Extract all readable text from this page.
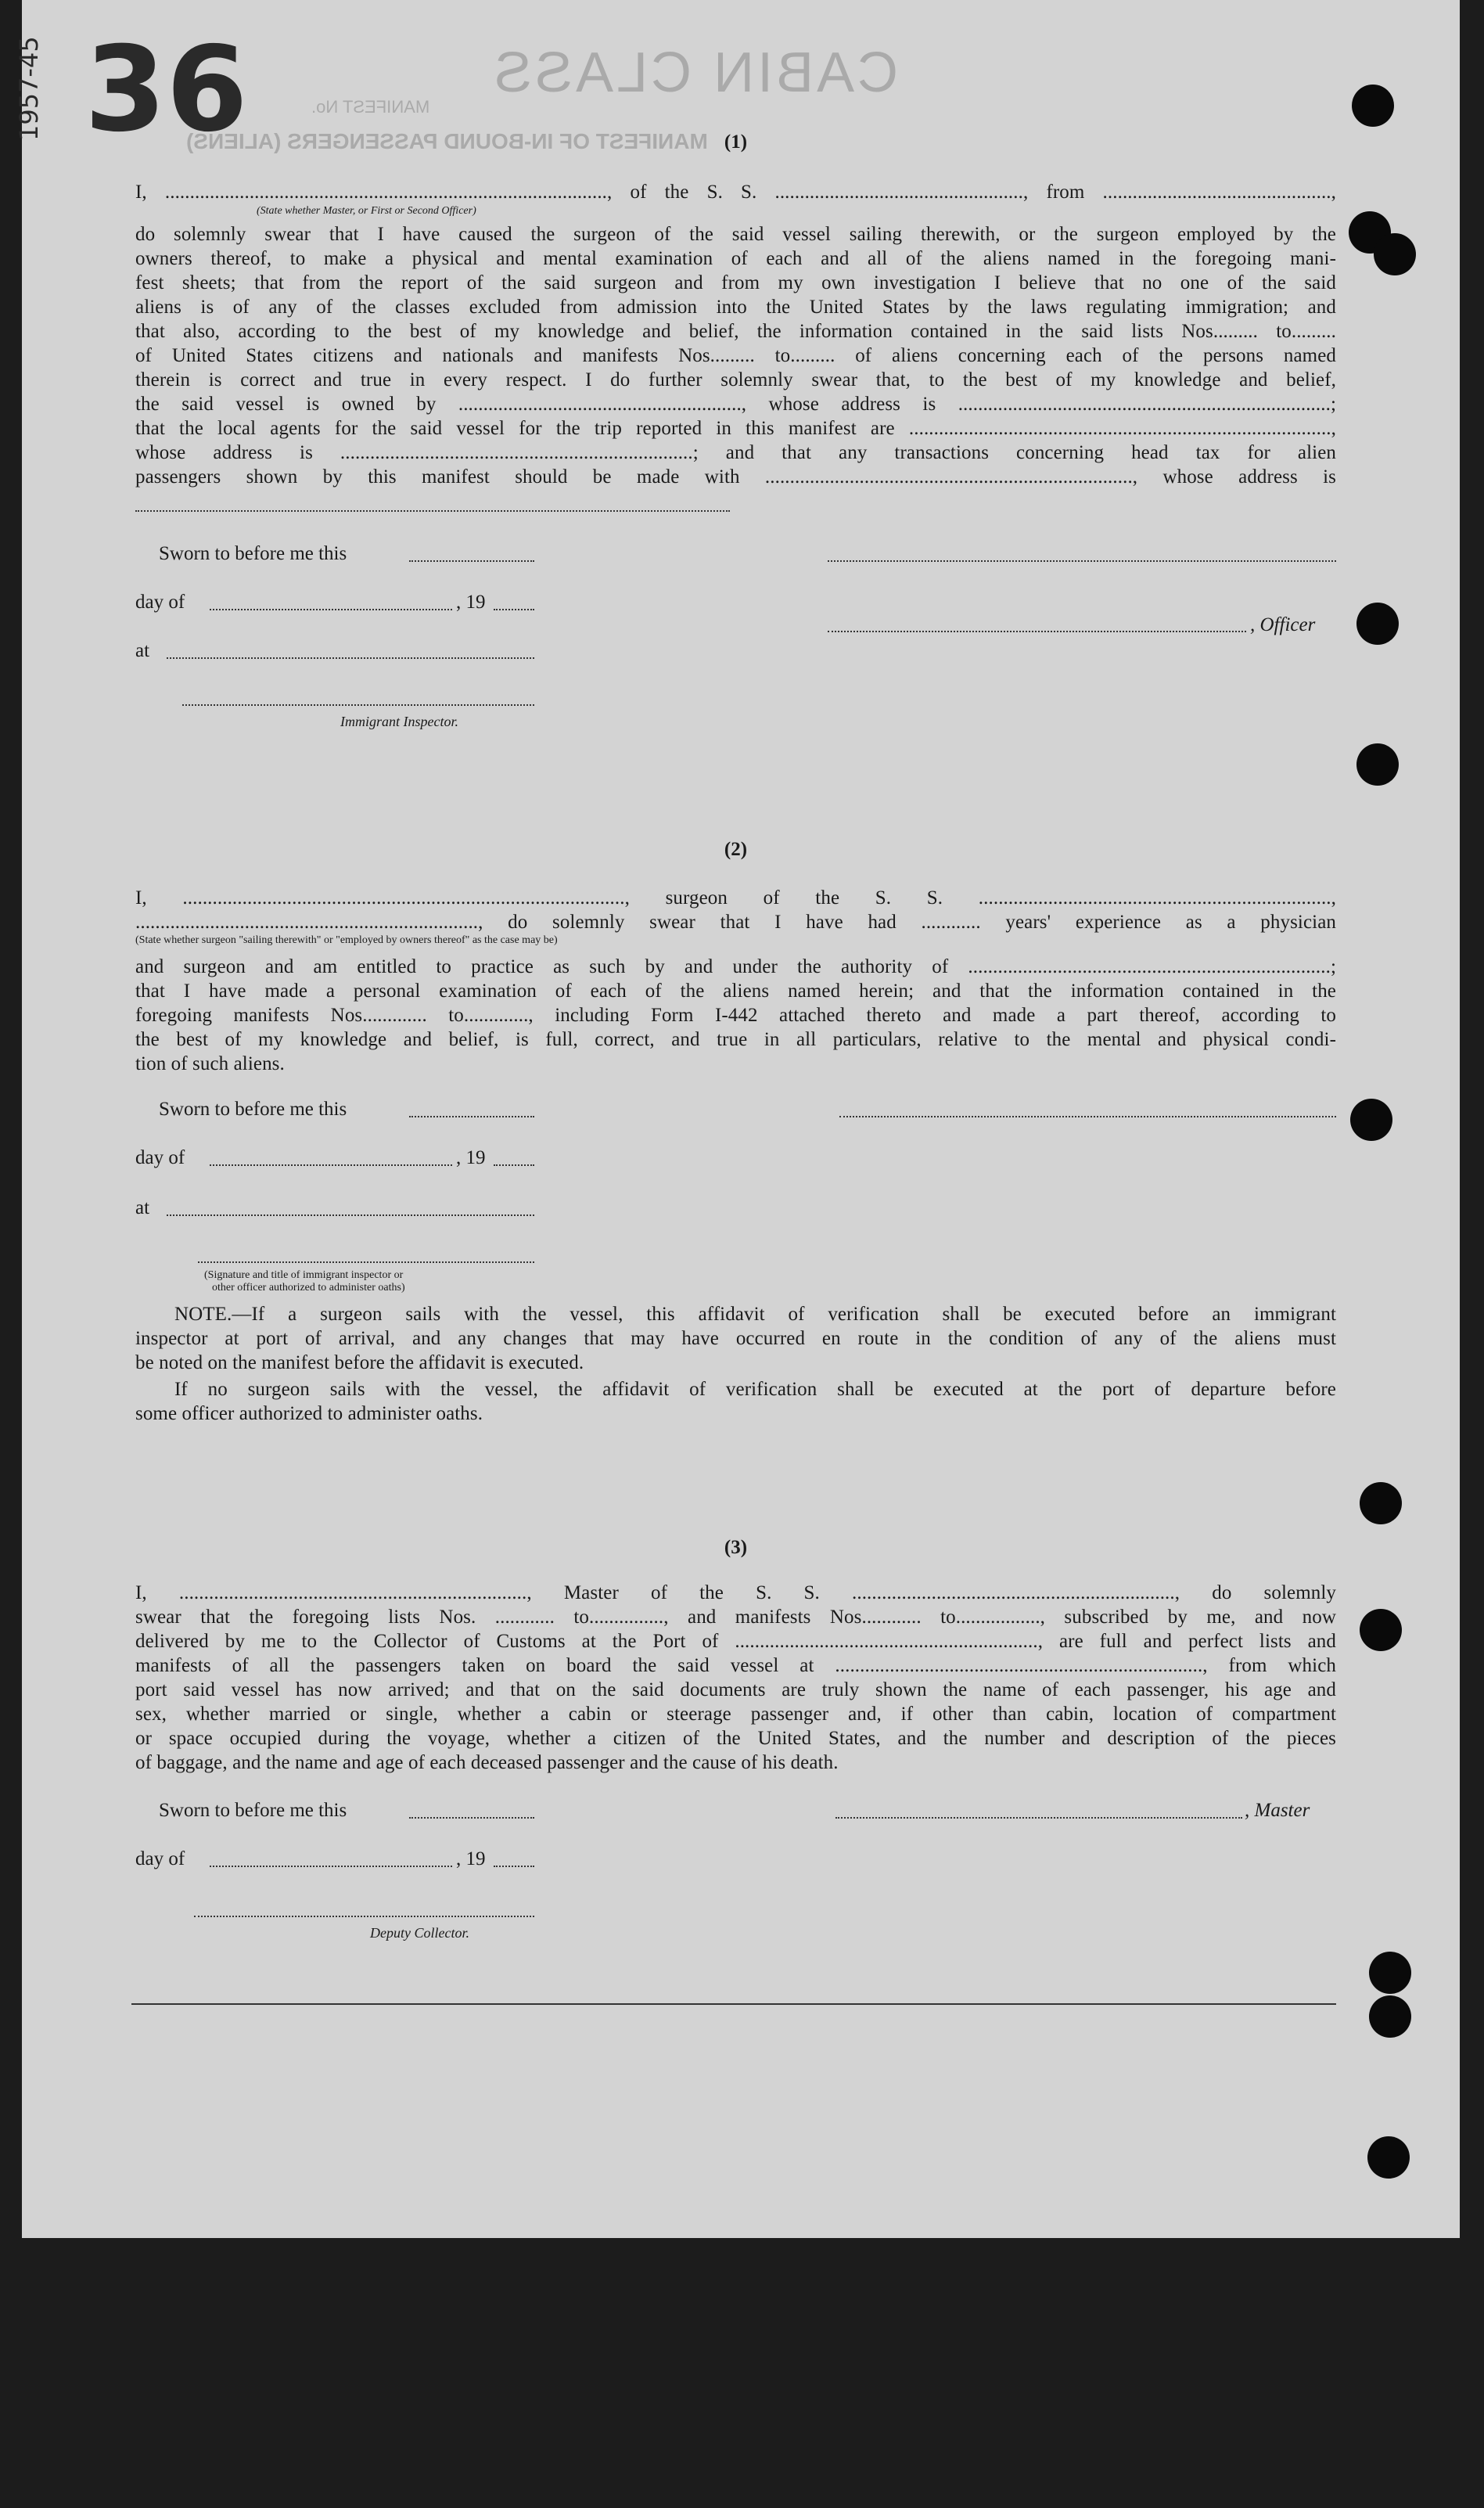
CABIN CLASS
MANIFEST No.
MANIFEST OF IN-BOUND PASSENGERS (ALIENS)
36
1957-45
(1)
I, ........................................................................................., of the S. S. .................................................., from ..............................................,
(State whether Master, or First or Second Officer)
do solemnly swear that I have caused the surgeon of the said vessel sailing therewith, or the surgeon employed by the
owners thereof, to make a physical and mental examination of each and all of the aliens named in the foregoing mani-
fest sheets; that from the report of the said surgeon and from my own investigation I believe that no one of the said
aliens is of any of the classes excluded from admission into the United States by the laws regulating immigration; and
that also, according to the best of my knowledge and belief, the information contained in the said lists Nos......... to.........
of United States citizens and nationals and manifests Nos......... to......... of aliens concerning each of the persons named
therein is correct and true in every respect. I do further solemnly swear that, to the best of my knowledge and belief,
the said vessel is owned by ........................................................., whose address is ...........................................................................;
that the local agents for the said vessel for the trip reported in this manifest are .....................................................................................,
whose address is .......................................................................; and that any transactions concerning head tax for alien
passengers shown by this manifest should be made with .........................................................................., whose address is
Sworn to before me this
day of	, 19
, Officer
at
Immigrant Inspector.
(2)
I, ........................................................................................., surgeon of the S. S. .......................................................................,
....................................................................., do solemnly swear that I have had ............ years' experience as a physician
(State whether surgeon "sailing therewith" or "employed by owners thereof" as the case may be)
and surgeon and am entitled to practice as such by and under the authority of .........................................................................;
that I have made a personal examination of each of the aliens named herein; and that the information contained in the
foregoing manifests Nos............. to............., including Form I-442 attached thereto and made a part thereof, according to
the best of my knowledge and belief, is full, correct, and true in all particulars, relative to the mental and physical condi-
tion of such aliens.
Sworn to before me this
day of	, 19
at
(Signature and title of immigrant inspector or
other officer authorized to administer oaths)
NOTE.—If a surgeon sails with the vessel, this affidavit of verification shall be executed before an immigrant
inspector at port of arrival, and any changes that may have occurred en route in the condition of any of the aliens must
be noted on the manifest before the affidavit is executed.
If no surgeon sails with the vessel, the affidavit of verification shall be executed at the port of departure before
some officer authorized to administer oaths.
(3)
I, ......................................................................, Master of the S. S. ................................................................., do solemnly
swear that the foregoing lists Nos. ............ to..............., and manifests Nos............ to................., subscribed by me, and now
delivered by me to the Collector of Customs at the Port of ............................................................., are full and perfect lists and
manifests of all the passengers taken on board the said vessel at .........................................................................., from which
port said vessel has now arrived; and that on the said documents are truly shown the name of each passenger, his age and
sex, whether married or single, whether a cabin or steerage passenger and, if other than cabin, location of compartment
or space occupied during the voyage, whether a citizen of the United States, and the number and description of the pieces
of baggage, and the name and age of each deceased passenger and the cause of his death.
Sworn to before me this	, Master
day of	, 19
Deputy Collector.
